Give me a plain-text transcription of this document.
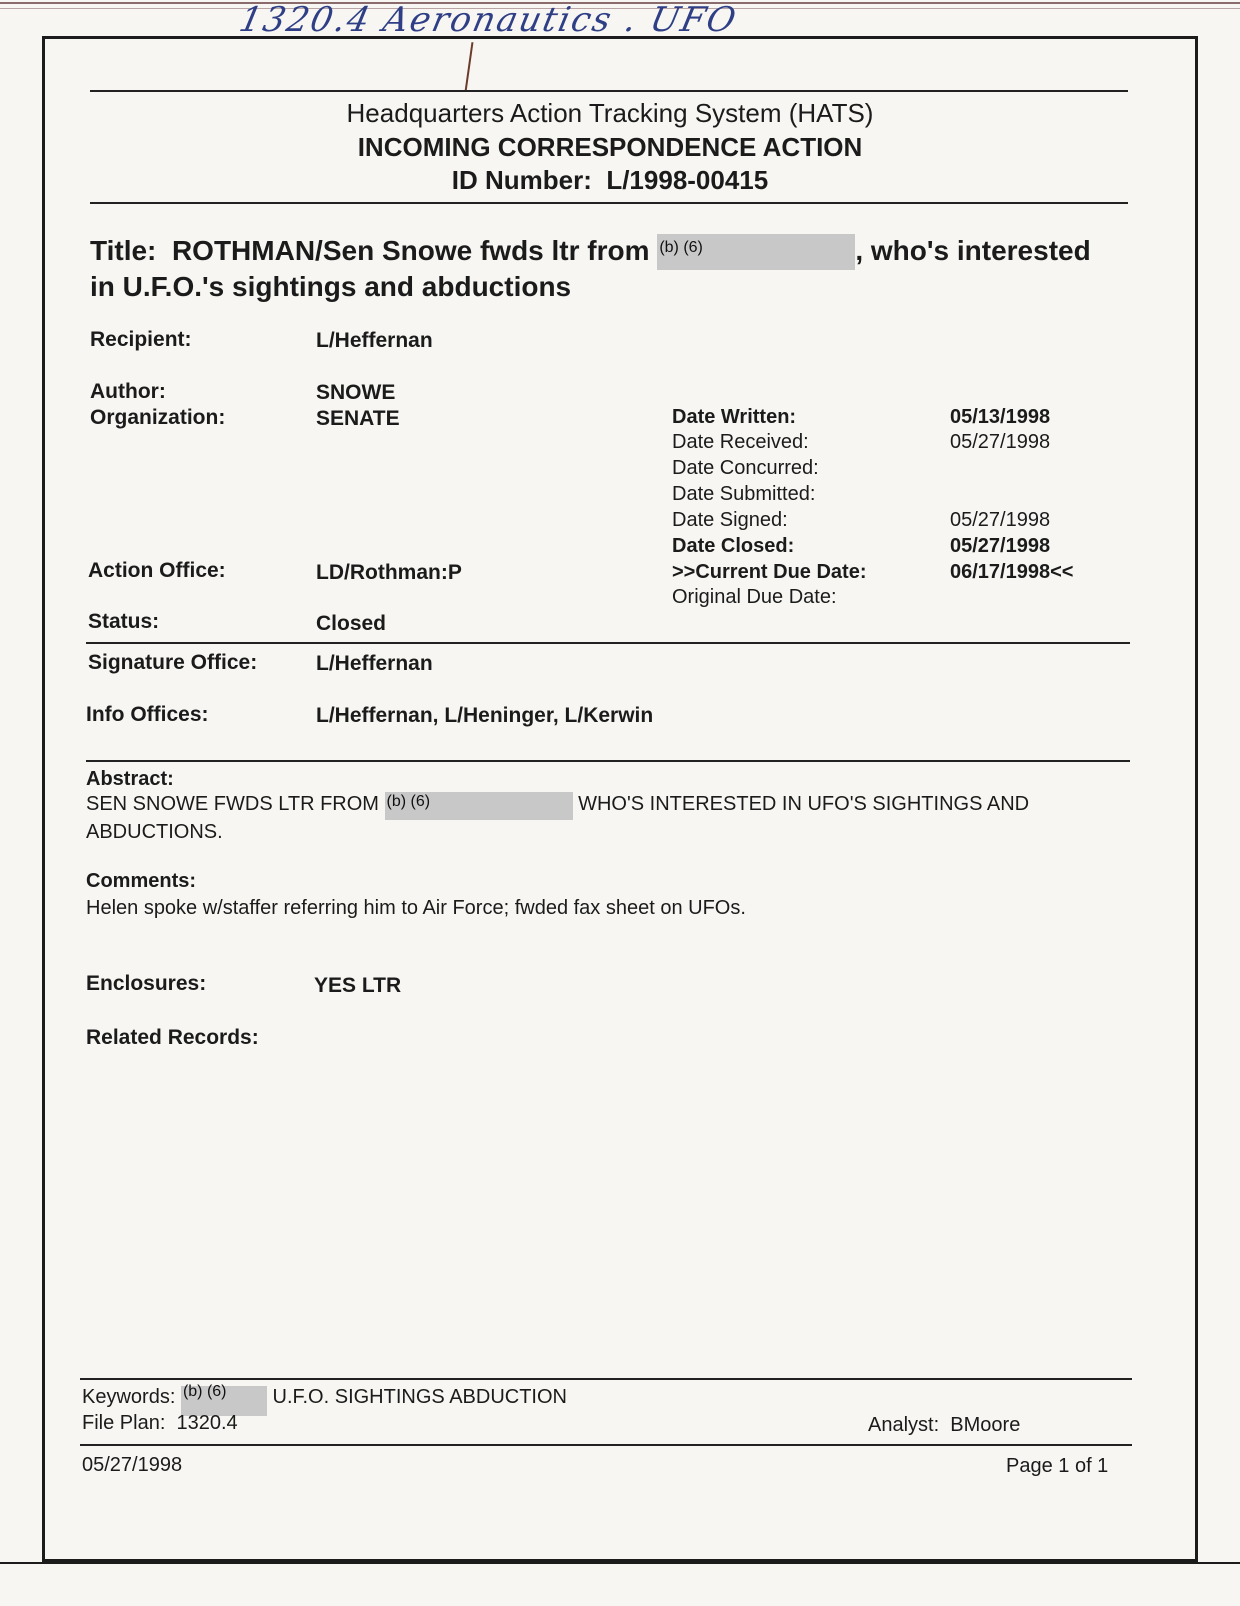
1320.4 Aeronautics . UFO
Headquarters Action Tracking System (HATS)
INCOMING CORRESPONDENCE ACTION
ID Number: L/1998-00415
Title: ROTHMAN/Sen Snowe fwds ltr from (b) (6)	, who's interested in U.F.O.'s sightings and abductions
Recipient:	L/Heffernan
Author:	SNOWE
Organization:	SENATE
Action Office:	LD/Rothman:P
Status:	Closed
Date Written:	05/13/1998
Date Received:	05/27/1998
Date Concurred:
Date Submitted:
Date Signed:	05/27/1998
Date Closed:	05/27/1998
>>Current Due Date:	06/17/1998<<
Original Due Date:
Signature Office:	L/Heffernan
Info Offices:	L/Heffernan, L/Heninger, L/Kerwin
Abstract:
SEN SNOWE FWDS LTR FROM (b) (6)	WHO'S INTERESTED IN UFO'S SIGHTINGS AND
ABDUCTIONS.
Comments:
Helen spoke w/staffer referring him to Air Force; fwded fax sheet on UFOs.
Enclosures:	YES LTR
Related Records:
Keywords: (b) (6) U.F.O. SIGHTINGS ABDUCTION
File Plan: 1320.4	Analyst: BMoore
05/27/1998	Page 1 of 1
